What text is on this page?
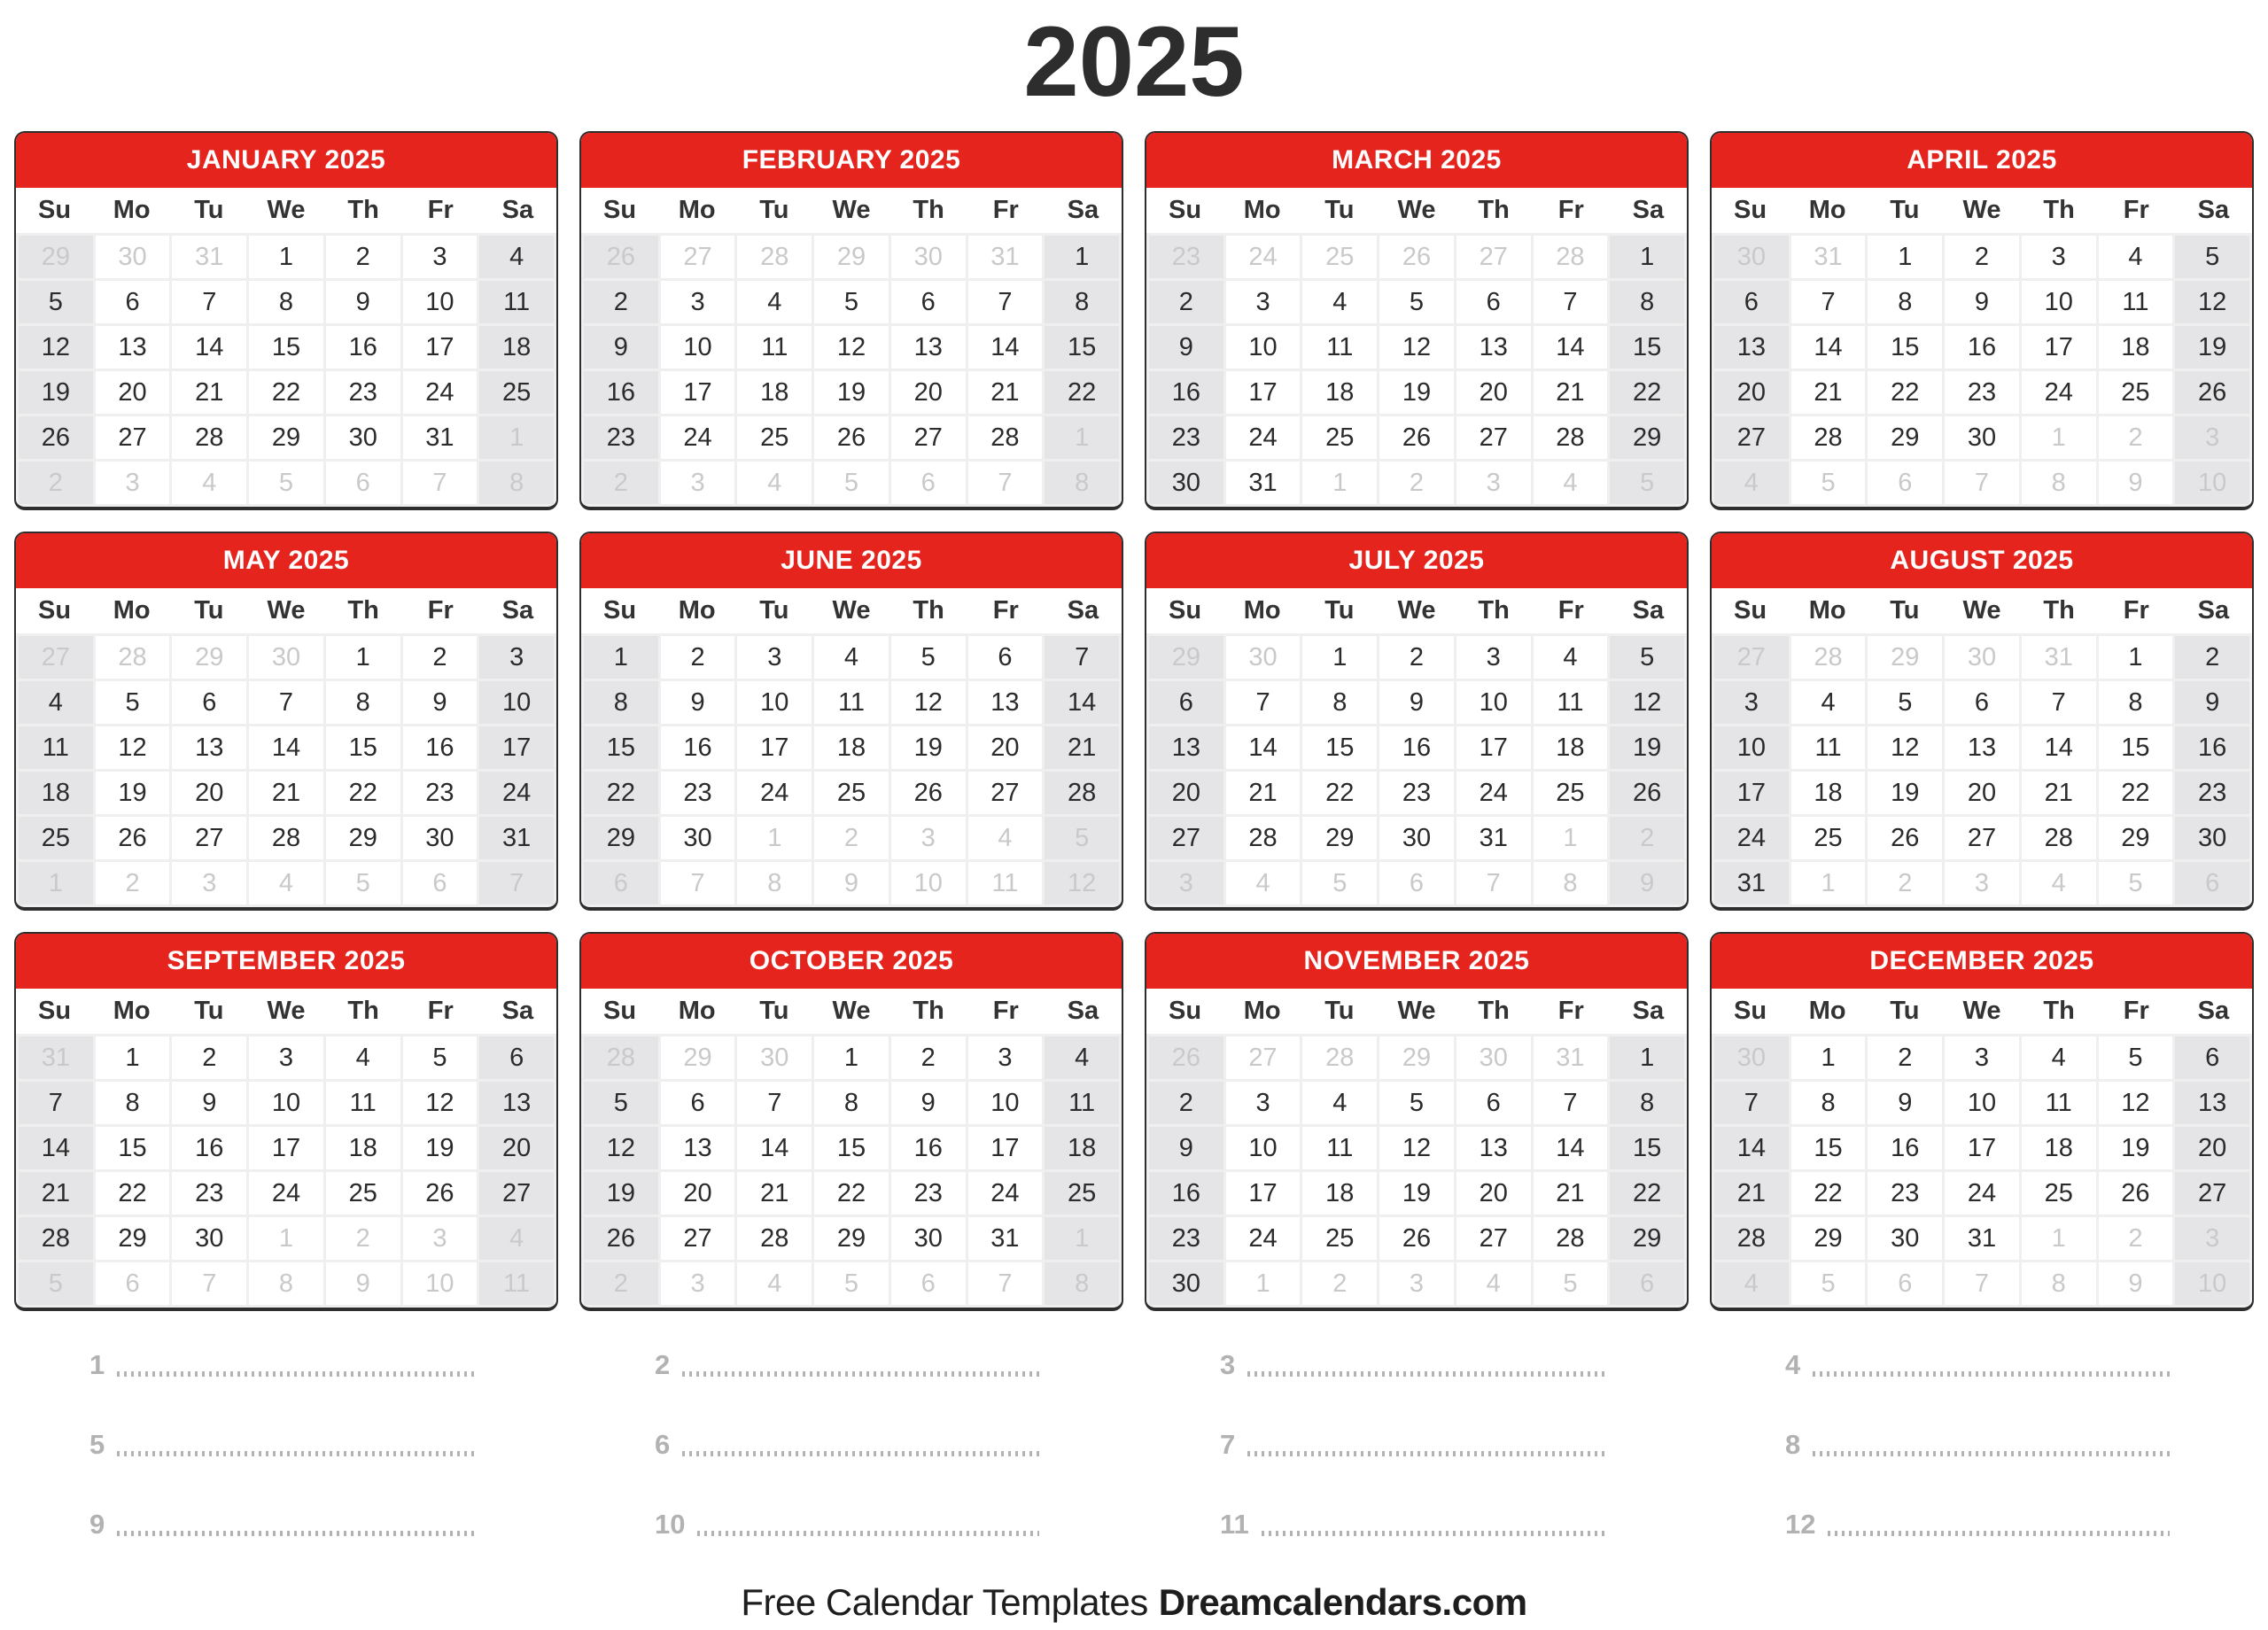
2025
JANUARY 2025
Su	Mo	Tu	We	Th	Fr	Sa
29	30	31	1	2	3	4
5	6	7	8	9	10	11
12	13	14	15	16	17	18
19	20	21	22	23	24	25
26	27	28	29	30	31	1
2	3	4	5	6	7	8
FEBRUARY 2025
Su	Mo	Tu	We	Th	Fr	Sa
26	27	28	29	30	31	1
2	3	4	5	6	7	8
9	10	11	12	13	14	15
16	17	18	19	20	21	22
23	24	25	26	27	28	1
2	3	4	5	6	7	8
MARCH 2025
Su	Mo	Tu	We	Th	Fr	Sa
23	24	25	26	27	28	1
2	3	4	5	6	7	8
9	10	11	12	13	14	15
16	17	18	19	20	21	22
23	24	25	26	27	28	29
30	31	1	2	3	4	5
APRIL 2025
Su	Mo	Tu	We	Th	Fr	Sa
30	31	1	2	3	4	5
6	7	8	9	10	11	12
13	14	15	16	17	18	19
20	21	22	23	24	25	26
27	28	29	30	1	2	3
4	5	6	7	8	9	10
MAY 2025
Su	Mo	Tu	We	Th	Fr	Sa
27	28	29	30	1	2	3
4	5	6	7	8	9	10
11	12	13	14	15	16	17
18	19	20	21	22	23	24
25	26	27	28	29	30	31
1	2	3	4	5	6	7
JUNE 2025
Su	Mo	Tu	We	Th	Fr	Sa
1	2	3	4	5	6	7
8	9	10	11	12	13	14
15	16	17	18	19	20	21
22	23	24	25	26	27	28
29	30	1	2	3	4	5
6	7	8	9	10	11	12
JULY 2025
Su	Mo	Tu	We	Th	Fr	Sa
29	30	1	2	3	4	5
6	7	8	9	10	11	12
13	14	15	16	17	18	19
20	21	22	23	24	25	26
27	28	29	30	31	1	2
3	4	5	6	7	8	9
AUGUST 2025
Su	Mo	Tu	We	Th	Fr	Sa
27	28	29	30	31	1	2
3	4	5	6	7	8	9
10	11	12	13	14	15	16
17	18	19	20	21	22	23
24	25	26	27	28	29	30
31	1	2	3	4	5	6
SEPTEMBER 2025
Su	Mo	Tu	We	Th	Fr	Sa
31	1	2	3	4	5	6
7	8	9	10	11	12	13
14	15	16	17	18	19	20
21	22	23	24	25	26	27
28	29	30	1	2	3	4
5	6	7	8	9	10	11
OCTOBER 2025
Su	Mo	Tu	We	Th	Fr	Sa
28	29	30	1	2	3	4
5	6	7	8	9	10	11
12	13	14	15	16	17	18
19	20	21	22	23	24	25
26	27	28	29	30	31	1
2	3	4	5	6	7	8
NOVEMBER 2025
Su	Mo	Tu	We	Th	Fr	Sa
26	27	28	29	30	31	1
2	3	4	5	6	7	8
9	10	11	12	13	14	15
16	17	18	19	20	21	22
23	24	25	26	27	28	29
30	1	2	3	4	5	6
DECEMBER 2025
Su	Mo	Tu	We	Th	Fr	Sa
30	1	2	3	4	5	6
7	8	9	10	11	12	13
14	15	16	17	18	19	20
21	22	23	24	25	26	27
28	29	30	31	1	2	3
4	5	6	7	8	9	10
1	2	3	4
5	6	7	8
9	10	11	12
Free Calendar Templates Dreamcalendars.com
